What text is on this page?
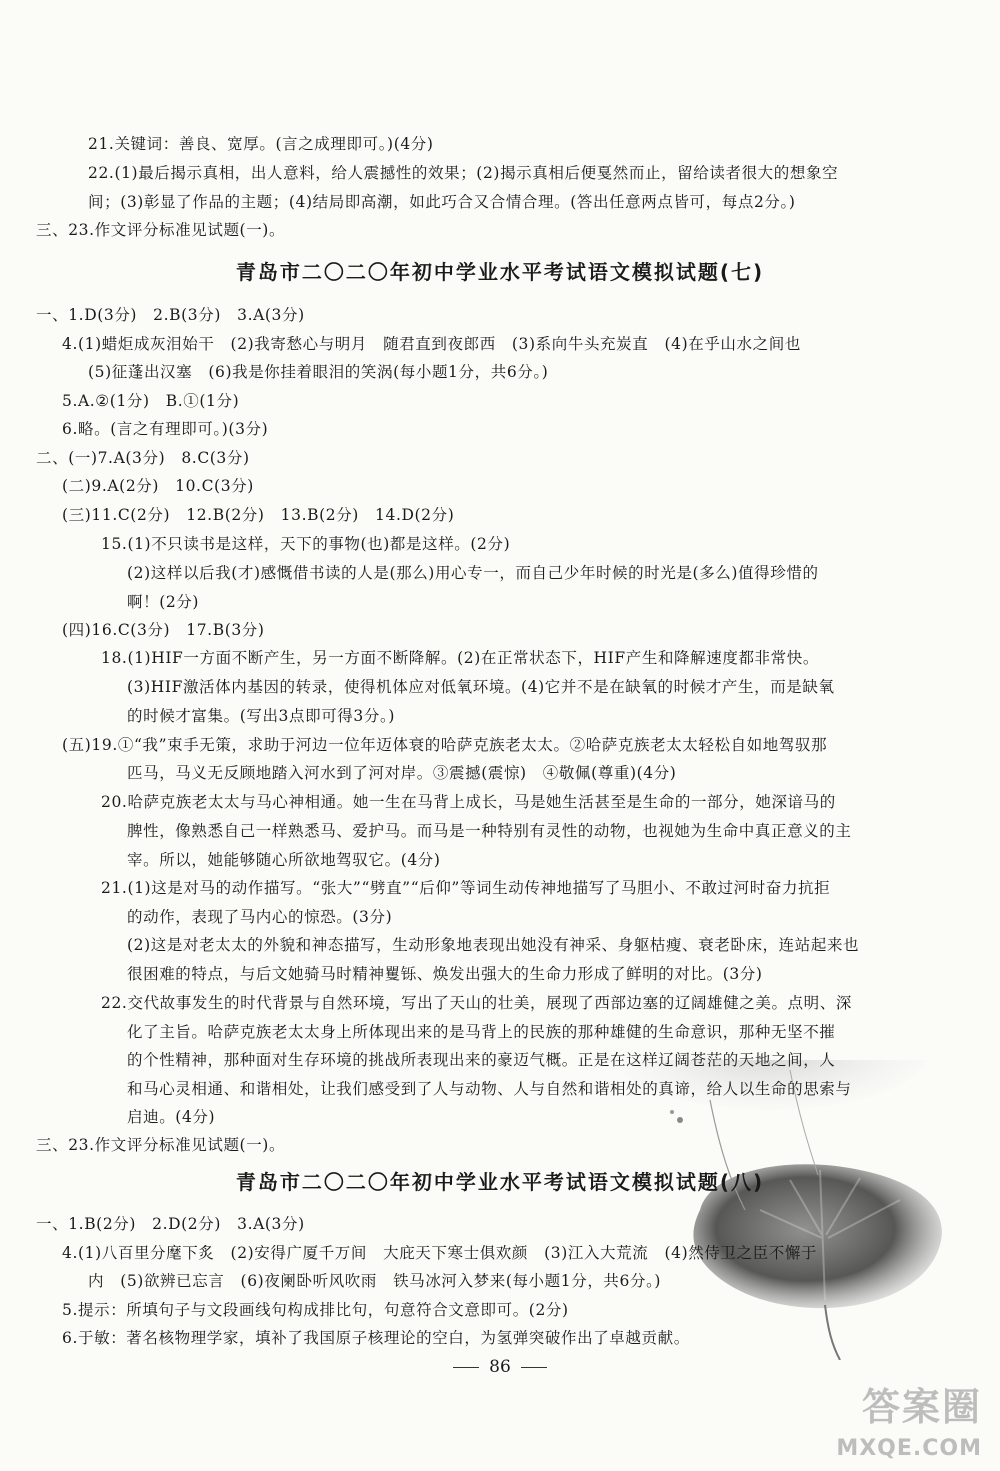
21.关键词：善良、宽厚。(言之成理即可。)(4分)
22.(1)最后揭示真相，出人意料，给人震撼性的效果；(2)揭示真相后便戛然而止，留给读者很大的想象空
间；(3)彰显了作品的主题；(4)结局即高潮，如此巧合又合情合理。(答出任意两点皆可，每点2分。)
三、23.作文评分标准见试题(一)。
青岛市二〇二〇年初中学业水平考试语文模拟试题(七)
一、1.D(3分)　2.B(3分)　3.A(3分)
4.(1)蜡炬成灰泪始干　(2)我寄愁心与明月　随君直到夜郎西　(3)系向牛头充炭直　(4)在乎山水之间也
(5)征蓬出汉塞　(6)我是你挂着眼泪的笑涡(每小题1分，共6分。)
5.A.②(1分)　B.①(1分)
6.略。(言之有理即可。)(3分)
二、(一)7.A(3分)　8.C(3分)
(二)9.A(2分)　10.C(3分)
(三)11.C(2分)　12.B(2分)　13.B(2分)　14.D(2分)
15.(1)不只读书是这样，天下的事物(也)都是这样。(2分)
(2)这样以后我(才)感慨借书读的人是(那么)用心专一，而自己少年时候的时光是(多么)值得珍惜的
啊！(2分)
(四)16.C(3分)　17.B(3分)
18.(1)HIF一方面不断产生，另一方面不断降解。(2)在正常状态下，HIF产生和降解速度都非常快。
(3)HIF激活体内基因的转录，使得机体应对低氧环境。(4)它并不是在缺氧的时候才产生，而是缺氧
的时候才富集。(写出3点即可得3分。)
(五)19.①“我”束手无策，求助于河边一位年迈体衰的哈萨克族老太太。②哈萨克族老太太轻松自如地驾驭那
匹马，马义无反顾地踏入河水到了河对岸。③震撼(震惊)　④敬佩(尊重)(4分)
20.哈萨克族老太太与马心神相通。她一生在马背上成长，马是她生活甚至是生命的一部分，她深谙马的
脾性，像熟悉自己一样熟悉马、爱护马。而马是一种特别有灵性的动物，也视她为生命中真正意义的主
宰。所以，她能够随心所欲地驾驭它。(4分)
21.(1)这是对马的动作描写。“张大”“劈直”“后仰”等词生动传神地描写了马胆小、不敢过河时奋力抗拒
的动作，表现了马内心的惊恐。(3分)
(2)这是对老太太的外貌和神态描写，生动形象地表现出她没有神采、身躯枯瘦、衰老卧床，连站起来也
很困难的特点，与后文她骑马时精神矍铄、焕发出强大的生命力形成了鲜明的对比。(3分)
22.交代故事发生的时代背景与自然环境，写出了天山的壮美，展现了西部边塞的辽阔雄健之美。点明、深
化了主旨。哈萨克族老太太身上所体现出来的是马背上的民族的那种雄健的生命意识，那种无坚不摧
的个性精神，那种面对生存环境的挑战所表现出来的豪迈气概。正是在这样辽阔苍茫的天地之间，人
和马心灵相通、和谐相处，让我们感受到了人与动物、人与自然和谐相处的真谛，给人以生命的思索与
启迪。(4分)
三、23.作文评分标准见试题(一)。
青岛市二〇二〇年初中学业水平考试语文模拟试题(八)
一、1.B(2分)　2.D(2分)　3.A(3分)
4.(1)八百里分麾下炙　(2)安得广厦千万间　大庇天下寒士俱欢颜　(3)江入大荒流　(4)然侍卫之臣不懈于
内　(5)欲辨已忘言　(6)夜阑卧听风吹雨　铁马冰河入梦来(每小题1分，共6分。)
5.提示：所填句子与文段画线句构成排比句，句意符合文意即可。(2分)
6.于敏：著名核物理学家，填补了我国原子核理论的空白，为氢弹突破作出了卓越贡献。
86
答案圈
MXQE.COM
